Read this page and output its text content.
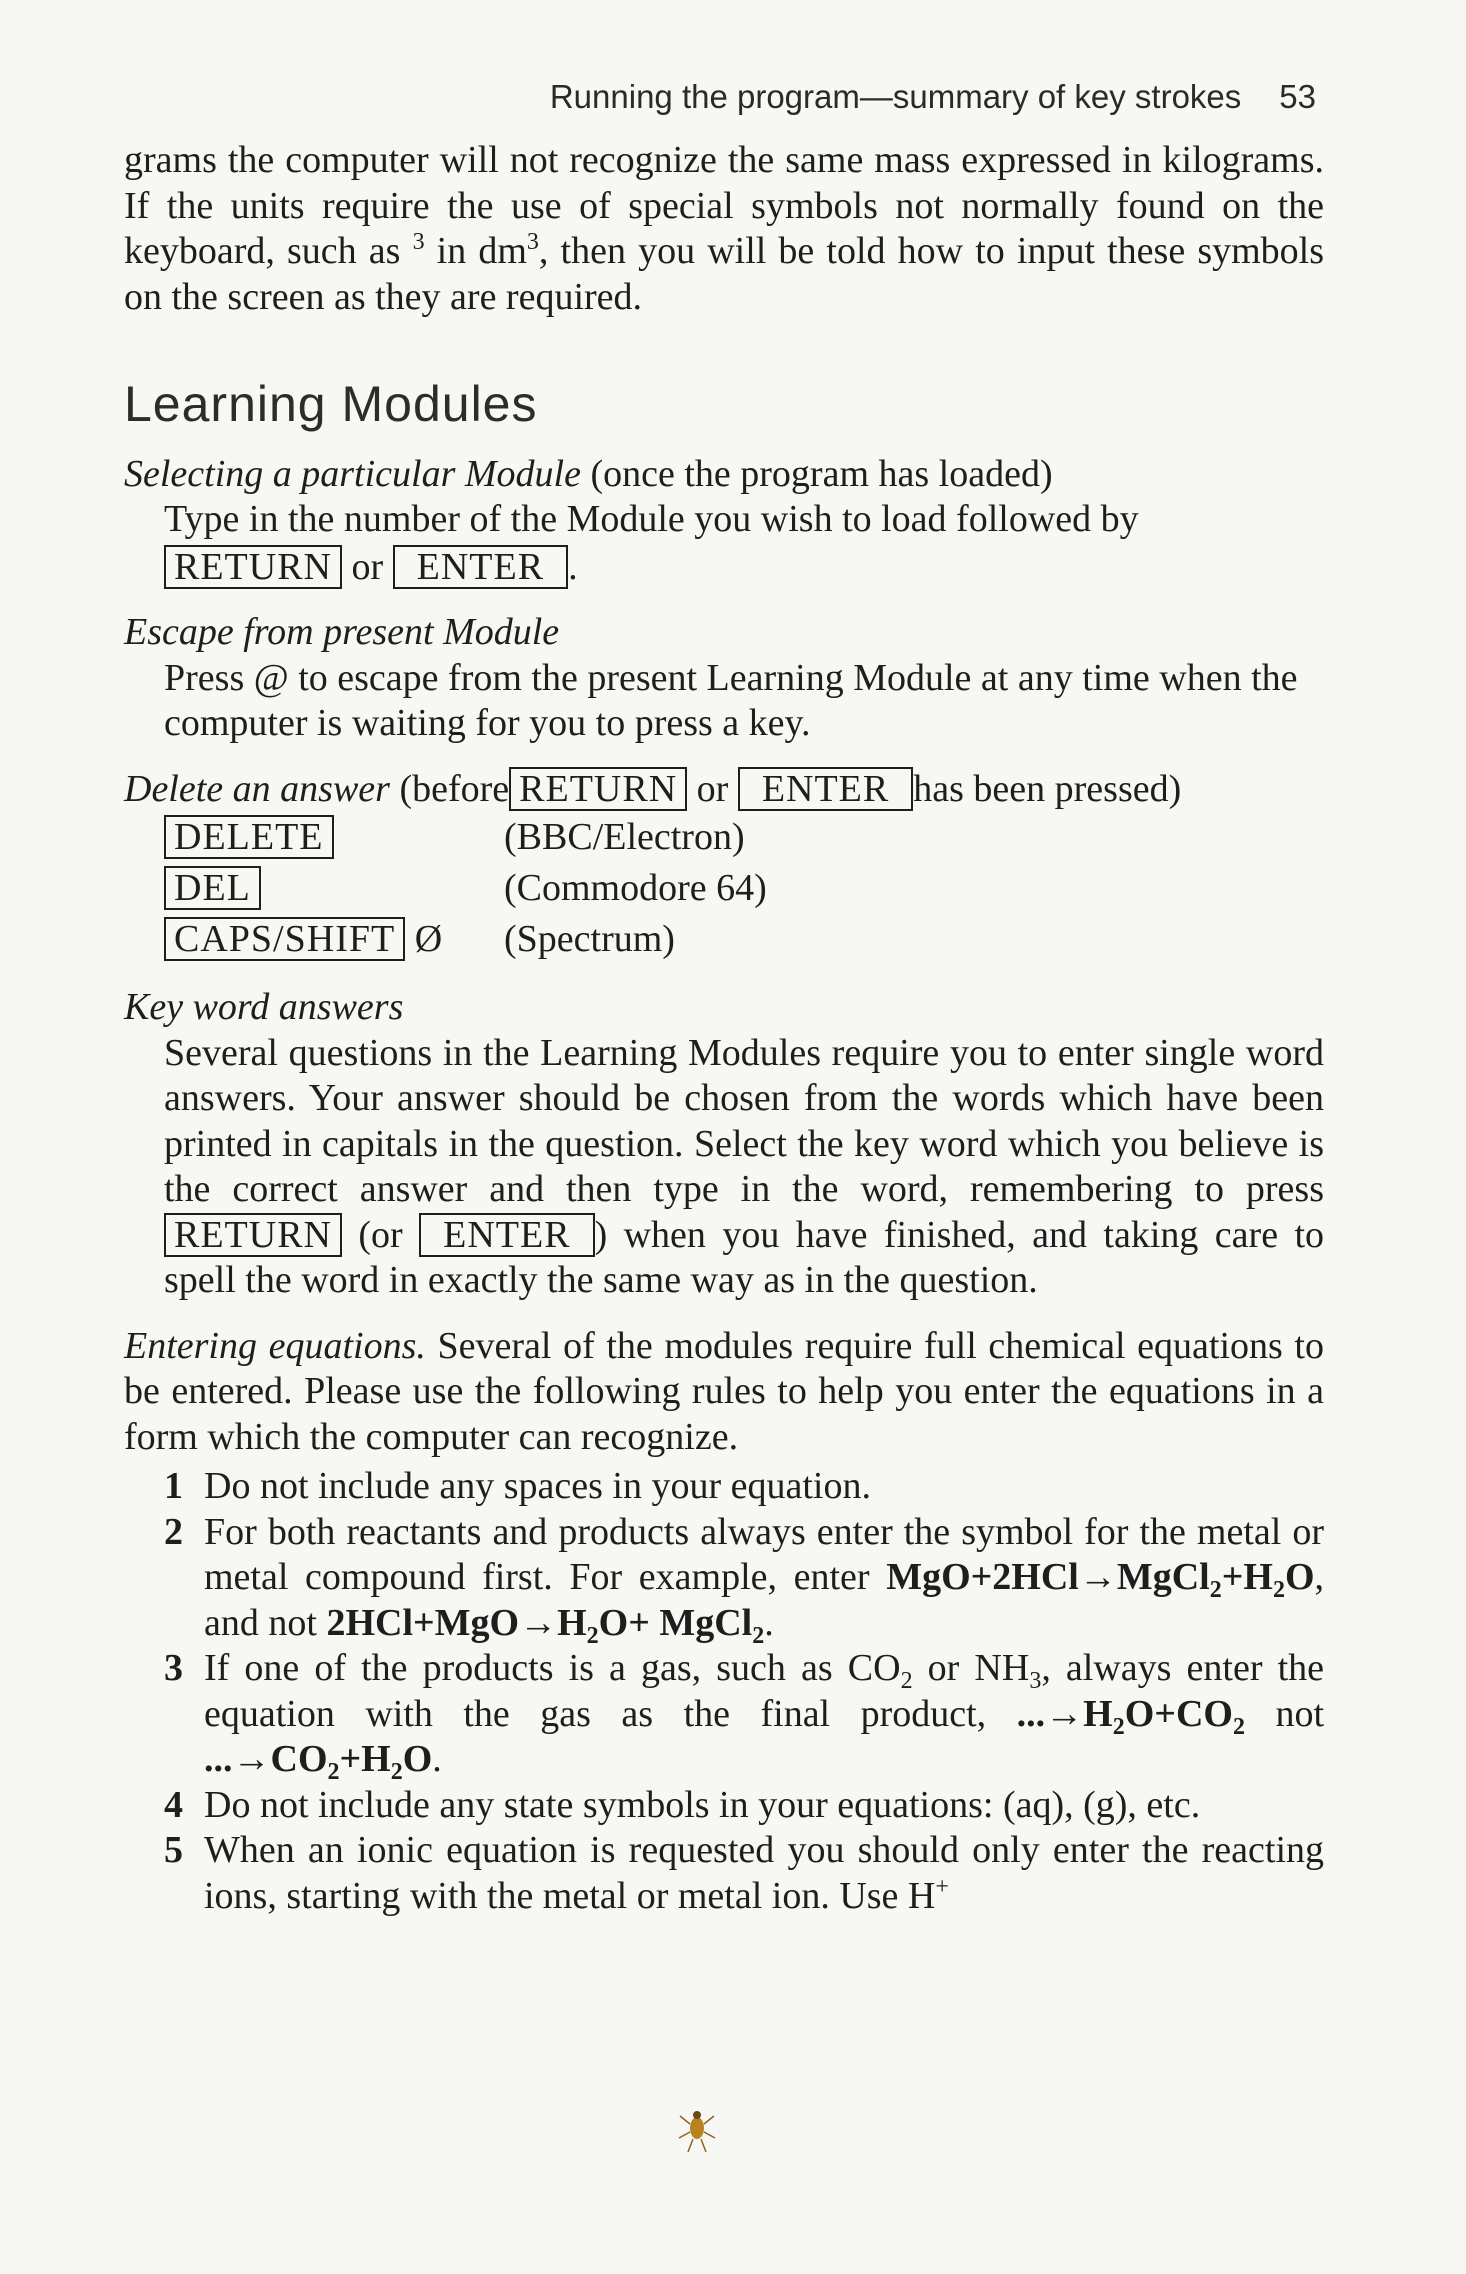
Running the program—summary of key strokes 53

grams the computer will not recognize the same mass expressed in kilograms. If the units require the use of special symbols not normally found on the keyboard, such as $^3$ in $dm^3$, then you will be told how to input these symbols on the screen as they are required.

Learning Modules
Selecting a particular Module (once the program has loaded)
Type in the number of the Module you wish to load followed by
RETURN or ENTER .
Escape from present Module
Press @ to escape from the present Learning Module at any time when the computer is waiting for you to press a key.
Delete an answer (before RETURN or ENTER has been pressed)
DELETE	(BBC/Electron)
DEL	(Commodore 64)
CAPS/SHIFT Ø	(Spectrum)
Key word answers
Several questions in the Learning Modules require you to enter single word answers. Your answer should be chosen from the words which have been printed in capitals in the question. Select the key word which you believe is the correct answer and then type in the word, remembering to press RETURN (or ENTER ) when you have finished, and taking care to spell the word in exactly the same way as in the question.
Entering equations. Several of the modules require full chemical equations to be entered. Please use the following rules to help you enter the equations in a form which the computer can recognize.
1 Do not include any spaces in your equation.
2 For both reactants and products always enter the symbol for the metal or metal compound first. For example, enter $MgO+2HCl\to MgCl_2+H_2O$, and not $2HCl+MgO\to H_2O+$ MgCl$_2$.
3 If one of the products is a gas, such as $CO_2$ or $NH_3$, always enter the equation with the gas as the final product, $...\to H_2O+CO_2$ not $...\to CO_2+H_2O$.
4 Do not include any state symbols in your equations: (aq), (g), etc.
5 When an ionic equation is requested you should only enter the reacting ions, starting with the metal or metal ion. Use H+
